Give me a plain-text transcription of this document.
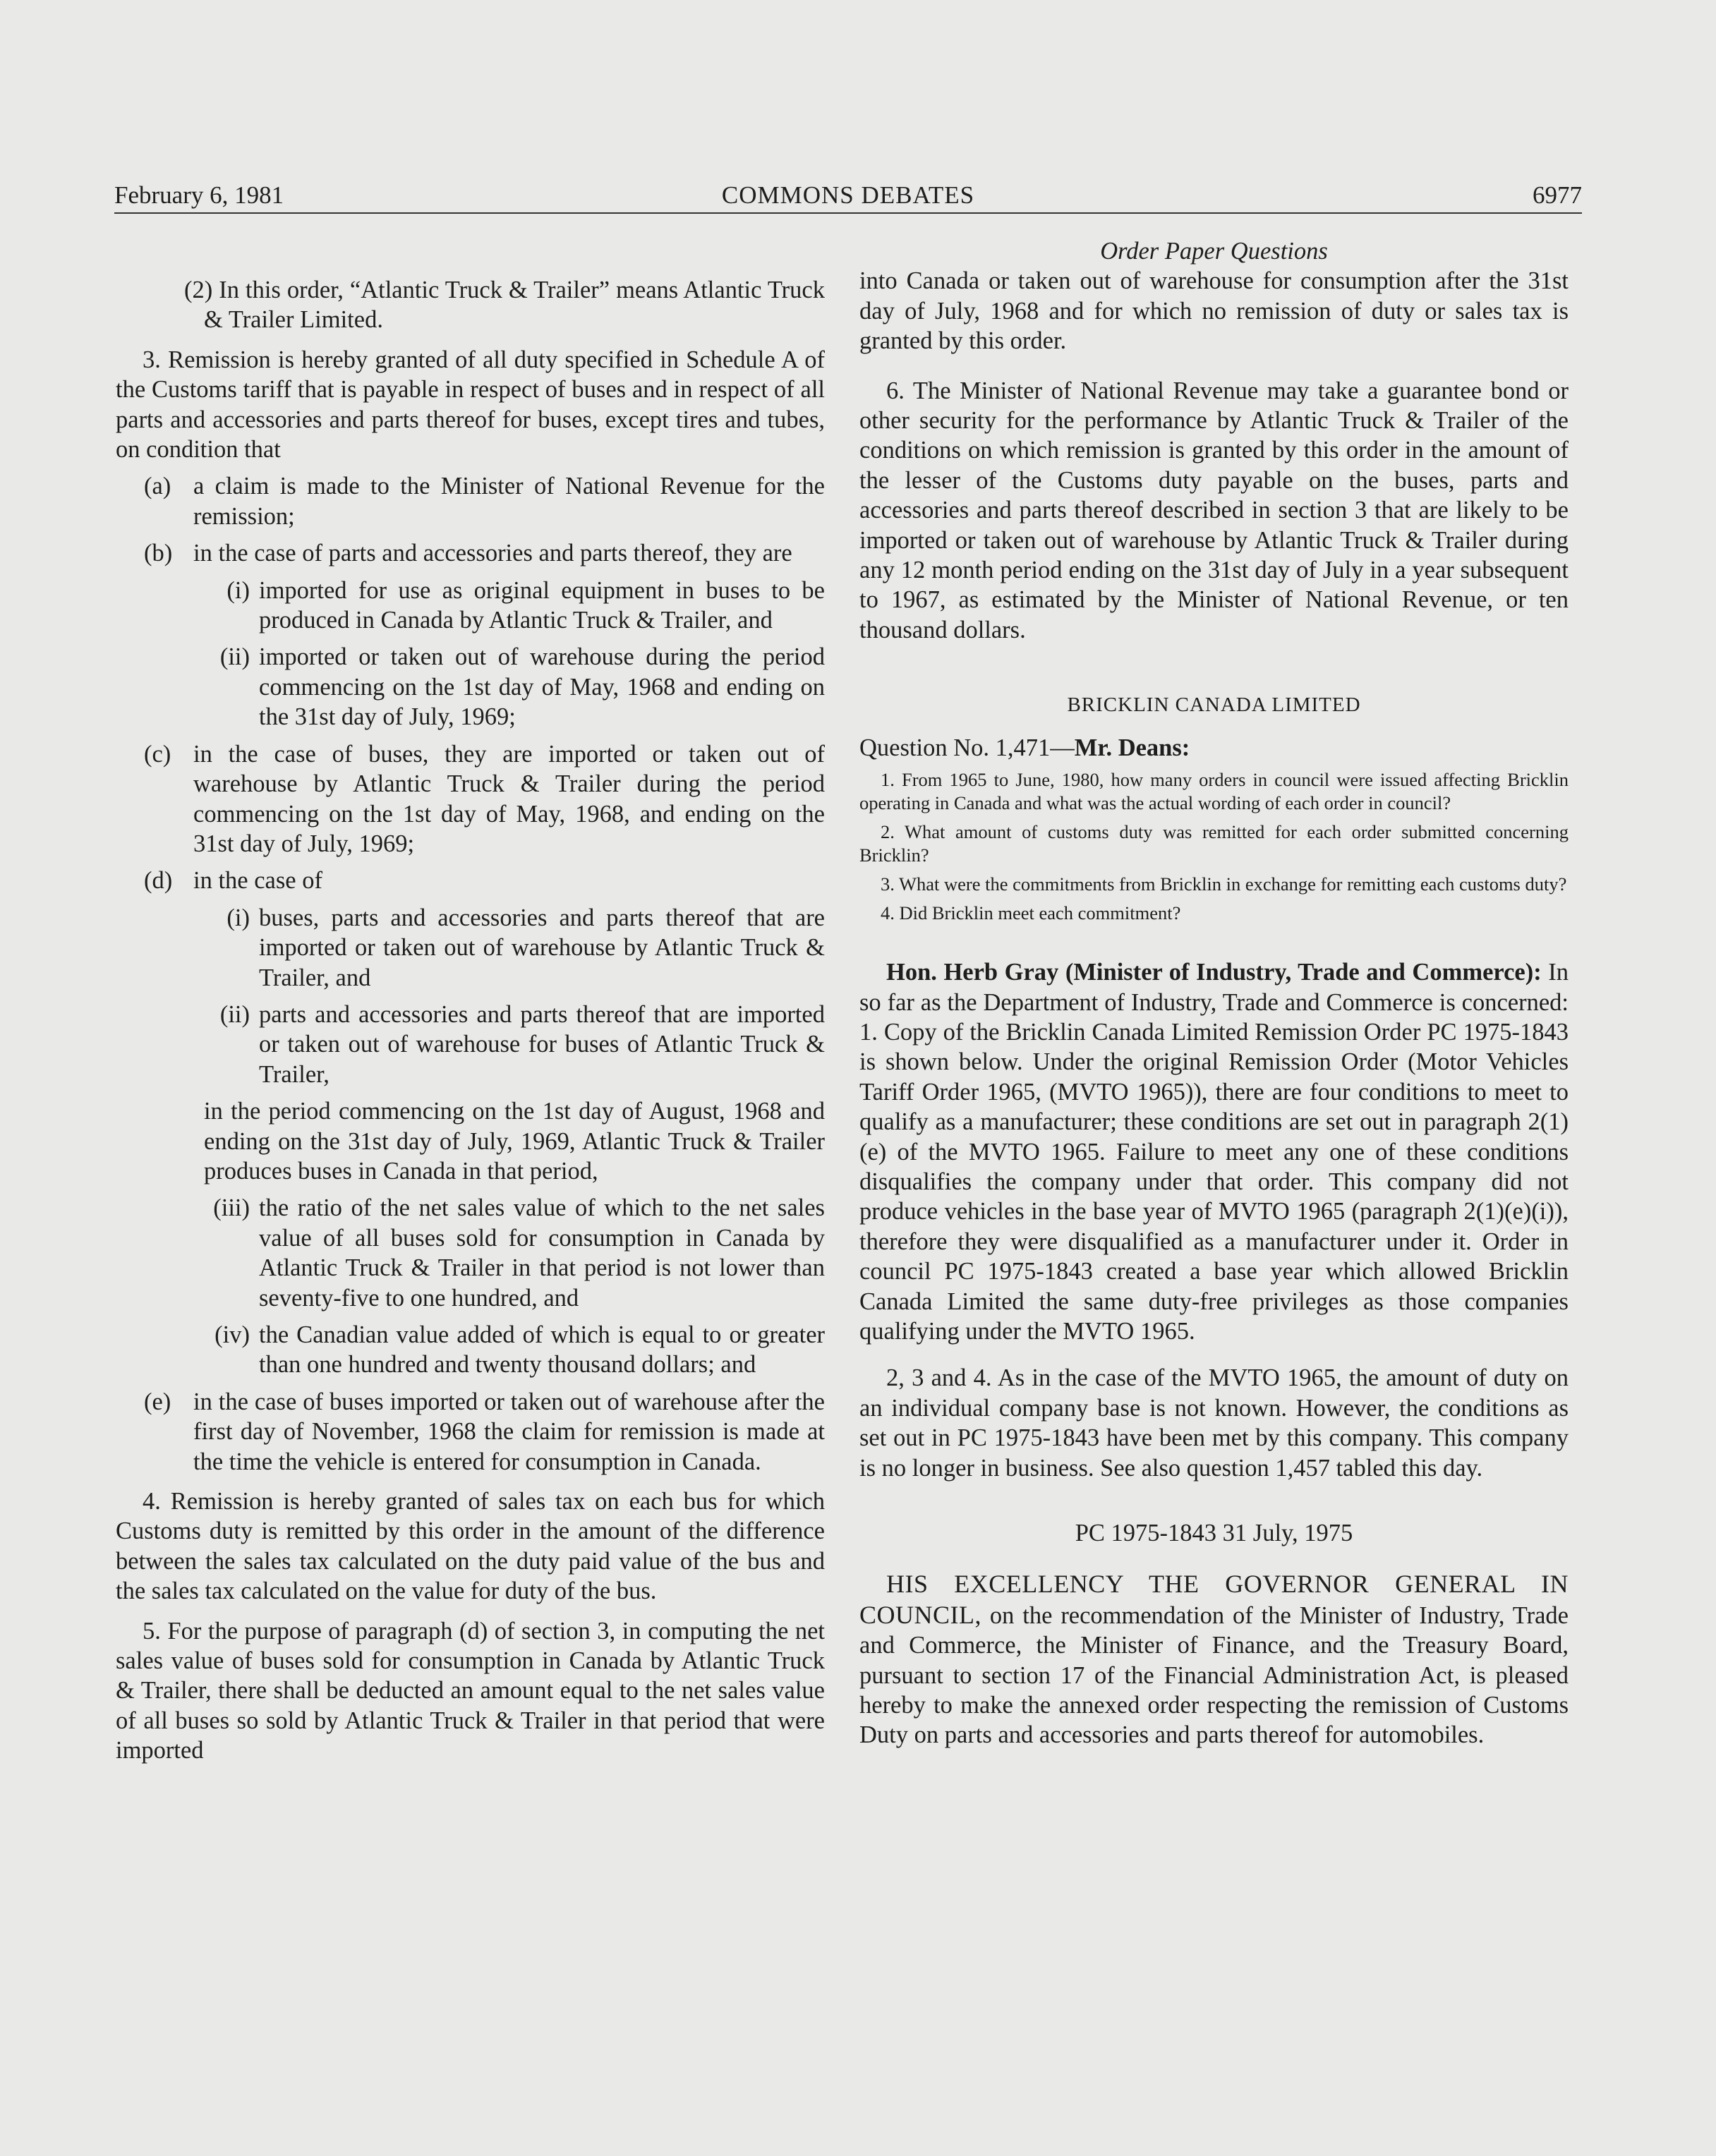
February 6, 1981	COMMONS DEBATES	6977

(2) In this order, “Atlantic Truck & Trailer” means Atlantic Truck & Trailer Limited.

3. Remission is hereby granted of all duty specified in Schedule A of the Customs tariff that is payable in respect of buses and in respect of all parts and accessories and parts thereof for buses, except tires and tubes, on condition that

(a) a claim is made to the Minister of National Revenue for the remission;

(b) in the case of parts and accessories and parts thereof, they are

(i) imported for use as original equipment in buses to be produced in Canada by Atlantic Truck & Trailer, and

(ii) imported or taken out of warehouse during the period commencing on the 1st day of May, 1968 and ending on the 31st day of July, 1969;

(c) in the case of buses, they are imported or taken out of warehouse by Atlantic Truck & Trailer during the period commencing on the 1st day of May, 1968, and ending on the 31st day of July, 1969;

(d) in the case of

(i) buses, parts and accessories and parts thereof that are imported or taken out of warehouse by Atlantic Truck & Trailer, and

(ii) parts and accessories and parts thereof that are imported or taken out of warehouse for buses of Atlantic Truck & Trailer,

in the period commencing on the 1st day of August, 1968 and ending on the 31st day of July, 1969, Atlantic Truck & Trailer produces buses in Canada in that period,

(iii) the ratio of the net sales value of which to the net sales value of all buses sold for consumption in Canada by Atlantic Truck & Trailer in that period is not lower than seventy-five to one hundred, and

(iv) the Canadian value added of which is equal to or greater than one hundred and twenty thousand dollars; and

(e) in the case of buses imported or taken out of warehouse after the first day of November, 1968 the claim for remission is made at the time the vehicle is entered for consumption in Canada.

4. Remission is hereby granted of sales tax on each bus for which Customs duty is remitted by this order in the amount of the difference between the sales tax calculated on the duty paid value of the bus and the sales tax calculated on the value for duty of the bus.

5. For the purpose of paragraph (d) of section 3, in computing the net sales value of buses sold for consumption in Canada by Atlantic Truck & Trailer, there shall be deducted an amount equal to the net sales value of all buses so sold by Atlantic Truck & Trailer in that period that were imported

Order Paper Questions

into Canada or taken out of warehouse for consumption after the 31st day of July, 1968 and for which no remission of duty or sales tax is granted by this order.

6. The Minister of National Revenue may take a guarantee bond or other security for the performance by Atlantic Truck & Trailer of the conditions on which remission is granted by this order in the amount of the lesser of the Customs duty payable on the buses, parts and accessories and parts thereof described in section 3 that are likely to be imported or taken out of warehouse by Atlantic Truck & Trailer during any 12 month period ending on the 31st day of July in a year subsequent to 1967, as estimated by the Minister of National Revenue, or ten thousand dollars.

BRICKLIN CANADA LIMITED

Question No. 1,471—Mr. Deans:

1. From 1965 to June, 1980, how many orders in council were issued affecting Bricklin operating in Canada and what was the actual wording of each order in council?

2. What amount of customs duty was remitted for each order submitted concerning Bricklin?

3. What were the commitments from Bricklin in exchange for remitting each customs duty?

4. Did Bricklin meet each commitment?

Hon. Herb Gray (Minister of Industry, Trade and Commerce): In so far as the Department of Industry, Trade and Commerce is concerned: 1. Copy of the Bricklin Canada Limited Remission Order PC 1975-1843 is shown below. Under the original Remission Order (Motor Vehicles Tariff Order 1965, (MVTO 1965)), there are four conditions to meet to qualify as a manufacturer; these conditions are set out in paragraph 2(1)(e) of the MVTO 1965. Failure to meet any one of these conditions disqualifies the company under that order. This company did not produce vehicles in the base year of MVTO 1965 (paragraph 2(1)(e)(i)), therefore they were disqualified as a manufacturer under it. Order in council PC 1975-1843 created a base year which allowed Bricklin Canada Limited the same duty-free privileges as those companies qualifying under the MVTO 1965.

2, 3 and 4. As in the case of the MVTO 1965, the amount of duty on an individual company base is not known. However, the conditions as set out in PC 1975-1843 have been met by this company. This company is no longer in business. See also question 1,457 tabled this day.

PC 1975-1843 31 July, 1975

HIS EXCELLENCY THE GOVERNOR GENERAL IN COUNCIL, on the recommendation of the Minister of Industry, Trade and Commerce, the Minister of Finance, and the Treasury Board, pursuant to section 17 of the Financial Administration Act, is pleased hereby to make the annexed order respecting the remission of Customs Duty on parts and accessories and parts thereof for automobiles.
